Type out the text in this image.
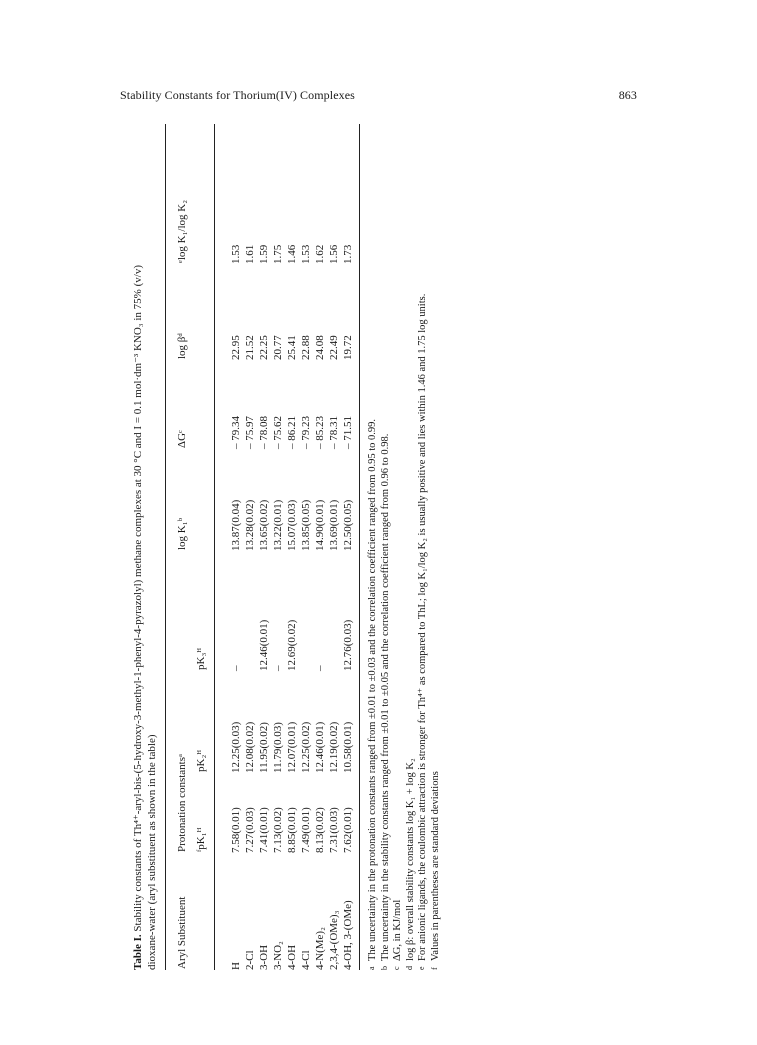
Stability Constants for Thorium(IV) Complexes	863
Table I. Stability constants of Th⁴⁺-aryl-bis-(5-hydroxy-3-methyl-1-phenyl-4-pyrazolyl) methane complexes at 30 °C and I = 0.1 mol·dm⁻³ KNO₃ in 75% (v/v) dioxane-water (aryl substituent as shown in the table) Aryl Substituent	Protonation constantsᵃ			log K₁ᵇ	ΔGᶜ	log βᵈ	ᵉlog K₁/log K₂
	ᶠpK₁ᴴ	pK₂ᴴ	pK₃ᴴ				
H	7.58(0.01)	12.25(0.03)	–	13.87(0.04)	– 79.34	22.95	1.53
2-Cl	7.27(0.03)	12.08(0.02)		13.28(0.02)	– 75.97	21.52	1.61
3-OH	7.41(0.01)	11.95(0.02)	12.46(0.01)	13.65(0.02)	– 78.08	22.25	1.59
3-NO₂	7.13(0.02)	11.79(0.03)	–	13.22(0.01)	– 75.62	20.77	1.75
4-OH	8.85(0.01)	12.07(0.01)	12.69(0.02)	15.07(0.03)	– 86.21	25.41	1.46
4-Cl	7.49(0.01)	12.25(0.02)		13.85(0.05)	– 79.23	22.88	1.53
4-N(Me)₂	8.13(0.02)	12.46(0.01)	–	14.90(0.01)	– 85.23	24.08	1.62
2,3,4-(OMe)₃	7.31(0.03)	12.19(0.02)		13.69(0.01)	– 78.31	22.49	1.56
4-OH, 3-(OMe)	7.62(0.01)	10.58(0.01)	12.76(0.03)	12.50(0.05)	– 71.51	19.72	1.73
a
The uncertainty in the protonation constants ranged from ±0.01 to ±0.03 and the correlation coefficient ranged from 0.95 to 0.99.
b
The uncertainty in the stability constants ranged from ±0.01 to ±0.05 and the correlation coefficient ranged from 0.96 to 0.98.
c
ΔG, in KJ/mol
d
log β: overall stability constants log K₁ + log K₂
e
For anionic ligands, the coulombic attraction is stronger for Th⁴⁺ as compared to ThL; log K₁/log K₂ is usually positive and lies within 1.46 and 1.75 log units.
f
Values in parentheses are standard deviations
